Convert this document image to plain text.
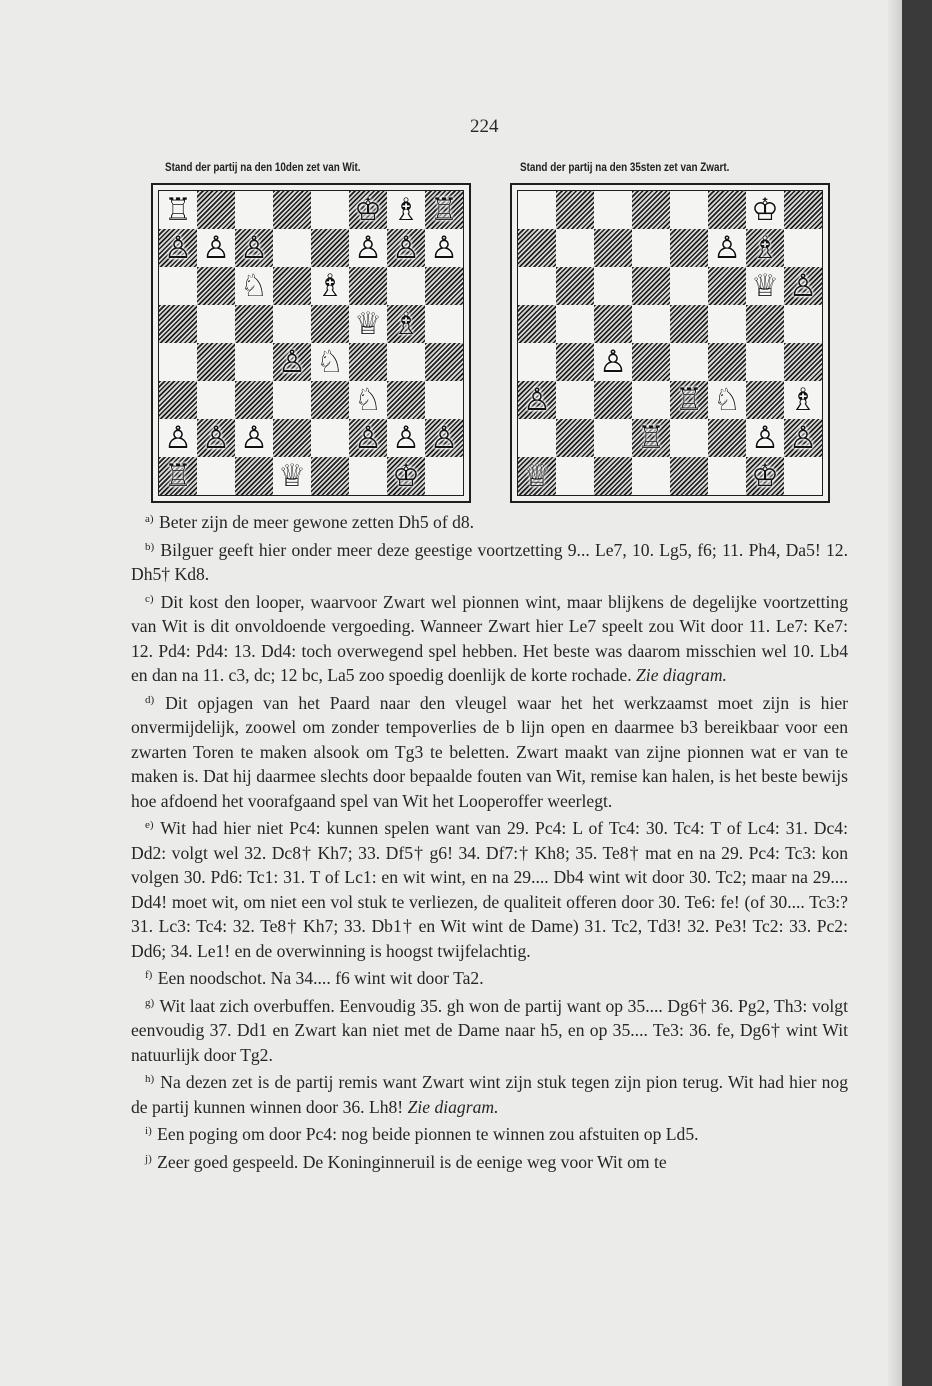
224
Stand der partij na den 10den zet van Wit.	Stand der partij na den 35sten zet van Zwart.
♖	♔ ♗ ♖
♙ ♙ ♙	♙ ♙ ♙
♘ ♗
♕ ♗
♙ ♘
♘
♙ ♙ ♙	♙ ♙ ♙
♖	♕	♔
♔
♙ ♗
♕ ♙
♙
♙	♖ ♘ ♗
♖	♙ ♙
♕	♔

$^{a)}$ Beter zijn de meer gewone zetten Dh5 of d8.

$^{b)}$ Bilguer geeft hier onder meer deze geestige voortzetting 9... Le7, 10. Lg5, f6; 11. Ph4, Da5! 12. Dh5† Kd8.

$^{c)}$ Dit kost den looper, waarvoor Zwart wel pionnen wint, maar blijkens de degelijke voortzetting van Wit is dit onvoldoende vergoeding. Wanneer Zwart hier Le7 speelt zou Wit door 11. Le7: Ke7: 12. Pd4: Pd4: 13. Dd4: toch overwegend spel hebben. Het beste was daarom misschien wel 10. Lb4 en dan na 11. c3, dc; 12 bc, La5 zoo spoedig doenlijk de korte rochade. Zie diagram.

$^{d)}$ Dit opjagen van het Paard naar den vleugel waar het het werkzaamst moet zijn is hier onvermijdelijk, zoowel om zonder tempoverlies de b lijn open en daarmee b3 bereikbaar voor een zwarten Toren te maken alsook om Tg3 te beletten. Zwart maakt van zijne pionnen wat er van te maken is. Dat hij daarmee slechts door bepaalde fouten van Wit, remise kan halen, is het beste bewijs hoe afdoend het voorafgaand spel van Wit het Looperoffer weerlegt.

$^{e)}$ Wit had hier niet Pc4: kunnen spelen want van 29. Pc4: L of Tc4: 30. Tc4: T of Lc4: 31. Dc4: Dd2: volgt wel 32. Dc8† Kh7; 33. Df5† g6! 34. Df7:† Kh8; 35. Te8† mat en na 29. Pc4: Tc3: kon volgen 30. Pd6: Tc1: 31. T of Lc1: en wit wint, en na 29.... Db4 wint wit door 30. Tc2; maar na 29.... Dd4! moet wit, om niet een vol stuk te verliezen, de qualiteit offeren door 30. Te6: fe! (of 30.... Tc3:? 31. Lc3: Tc4: 32. Te8† Kh7; 33. Db1† en Wit wint de Dame) 31. Tc2, Td3! 32. Pe3! Tc2: 33. Pc2: Dd6; 34. Le1! en de overwinning is hoogst twijfelachtig.

$^{f)}$ Een noodschot. Na 34.... f6 wint wit door Ta2.

$^{g)}$ Wit laat zich overbuffen. Eenvoudig 35. gh won de partij want op 35.... Dg6† 36. Pg2, Th3: volgt eenvoudig 37. Dd1 en Zwart kan niet met de Dame naar h5, en op 35.... Te3: 36. fe, Dg6† wint Wit natuurlijk door Tg2.

$^{h)}$ Na dezen zet is de partij remis want Zwart wint zijn stuk tegen zijn pion terug. Wit had hier nog de partij kunnen winnen door 36. Lh8! Zie diagram.

$^{i)}$ Een poging om door Pc4: nog beide pionnen te winnen zou afstuiten op Ld5.

$^{j)}$ Zeer goed gespeeld. De Koninginneruil is de eenige weg voor Wit om te
